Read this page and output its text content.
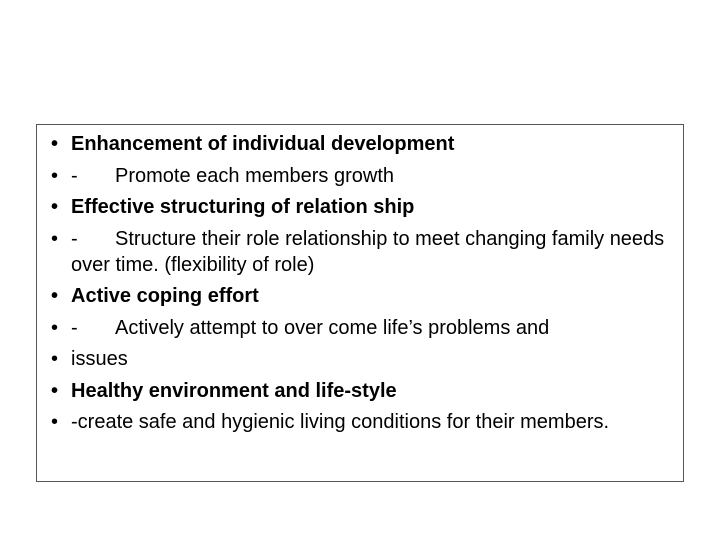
• Enhancement of individual development
• - Promote each members growth
• Effective structuring of relation ship
• - Structure their role relationship to meet changing family needs over time. (flexibility of role)
• Active coping effort
• - Actively attempt to over come life’s problems and
• issues
• Healthy environment and life-style
• -create safe and hygienic living conditions for their members.
